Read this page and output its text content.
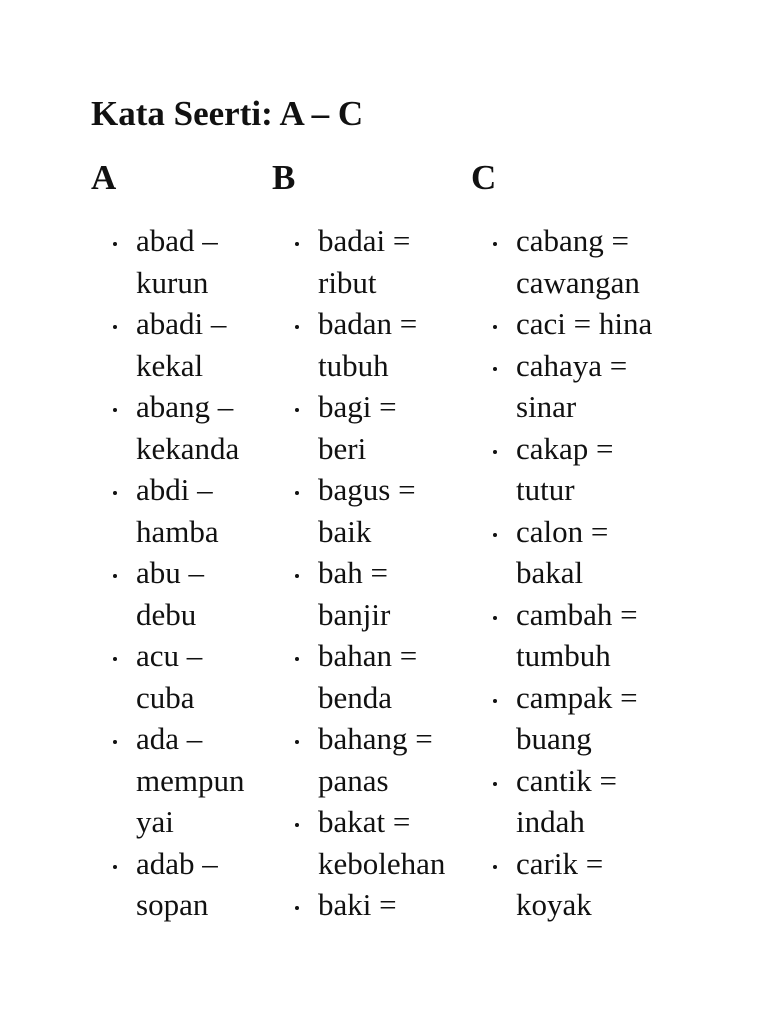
Kata Seerti: A – C
A	B	C
abad –
kurun
abadi –
kekal
abang –
kekanda
abdi –
hamba
abu –
debu
acu –
cuba
ada –
mempun
yai
adab –
sopan
badai =
ribut
badan =
tubuh
bagi =
beri
bagus =
baik
bah =
banjir
bahan =
benda
bahang =
panas
bakat =
kebolehan
baki =
cabang =
cawangan
caci = hina
cahaya =
sinar
cakap =
tutur
calon =
bakal
cambah =
tumbuh
campak =
buang
cantik =
indah
carik =
koyak
